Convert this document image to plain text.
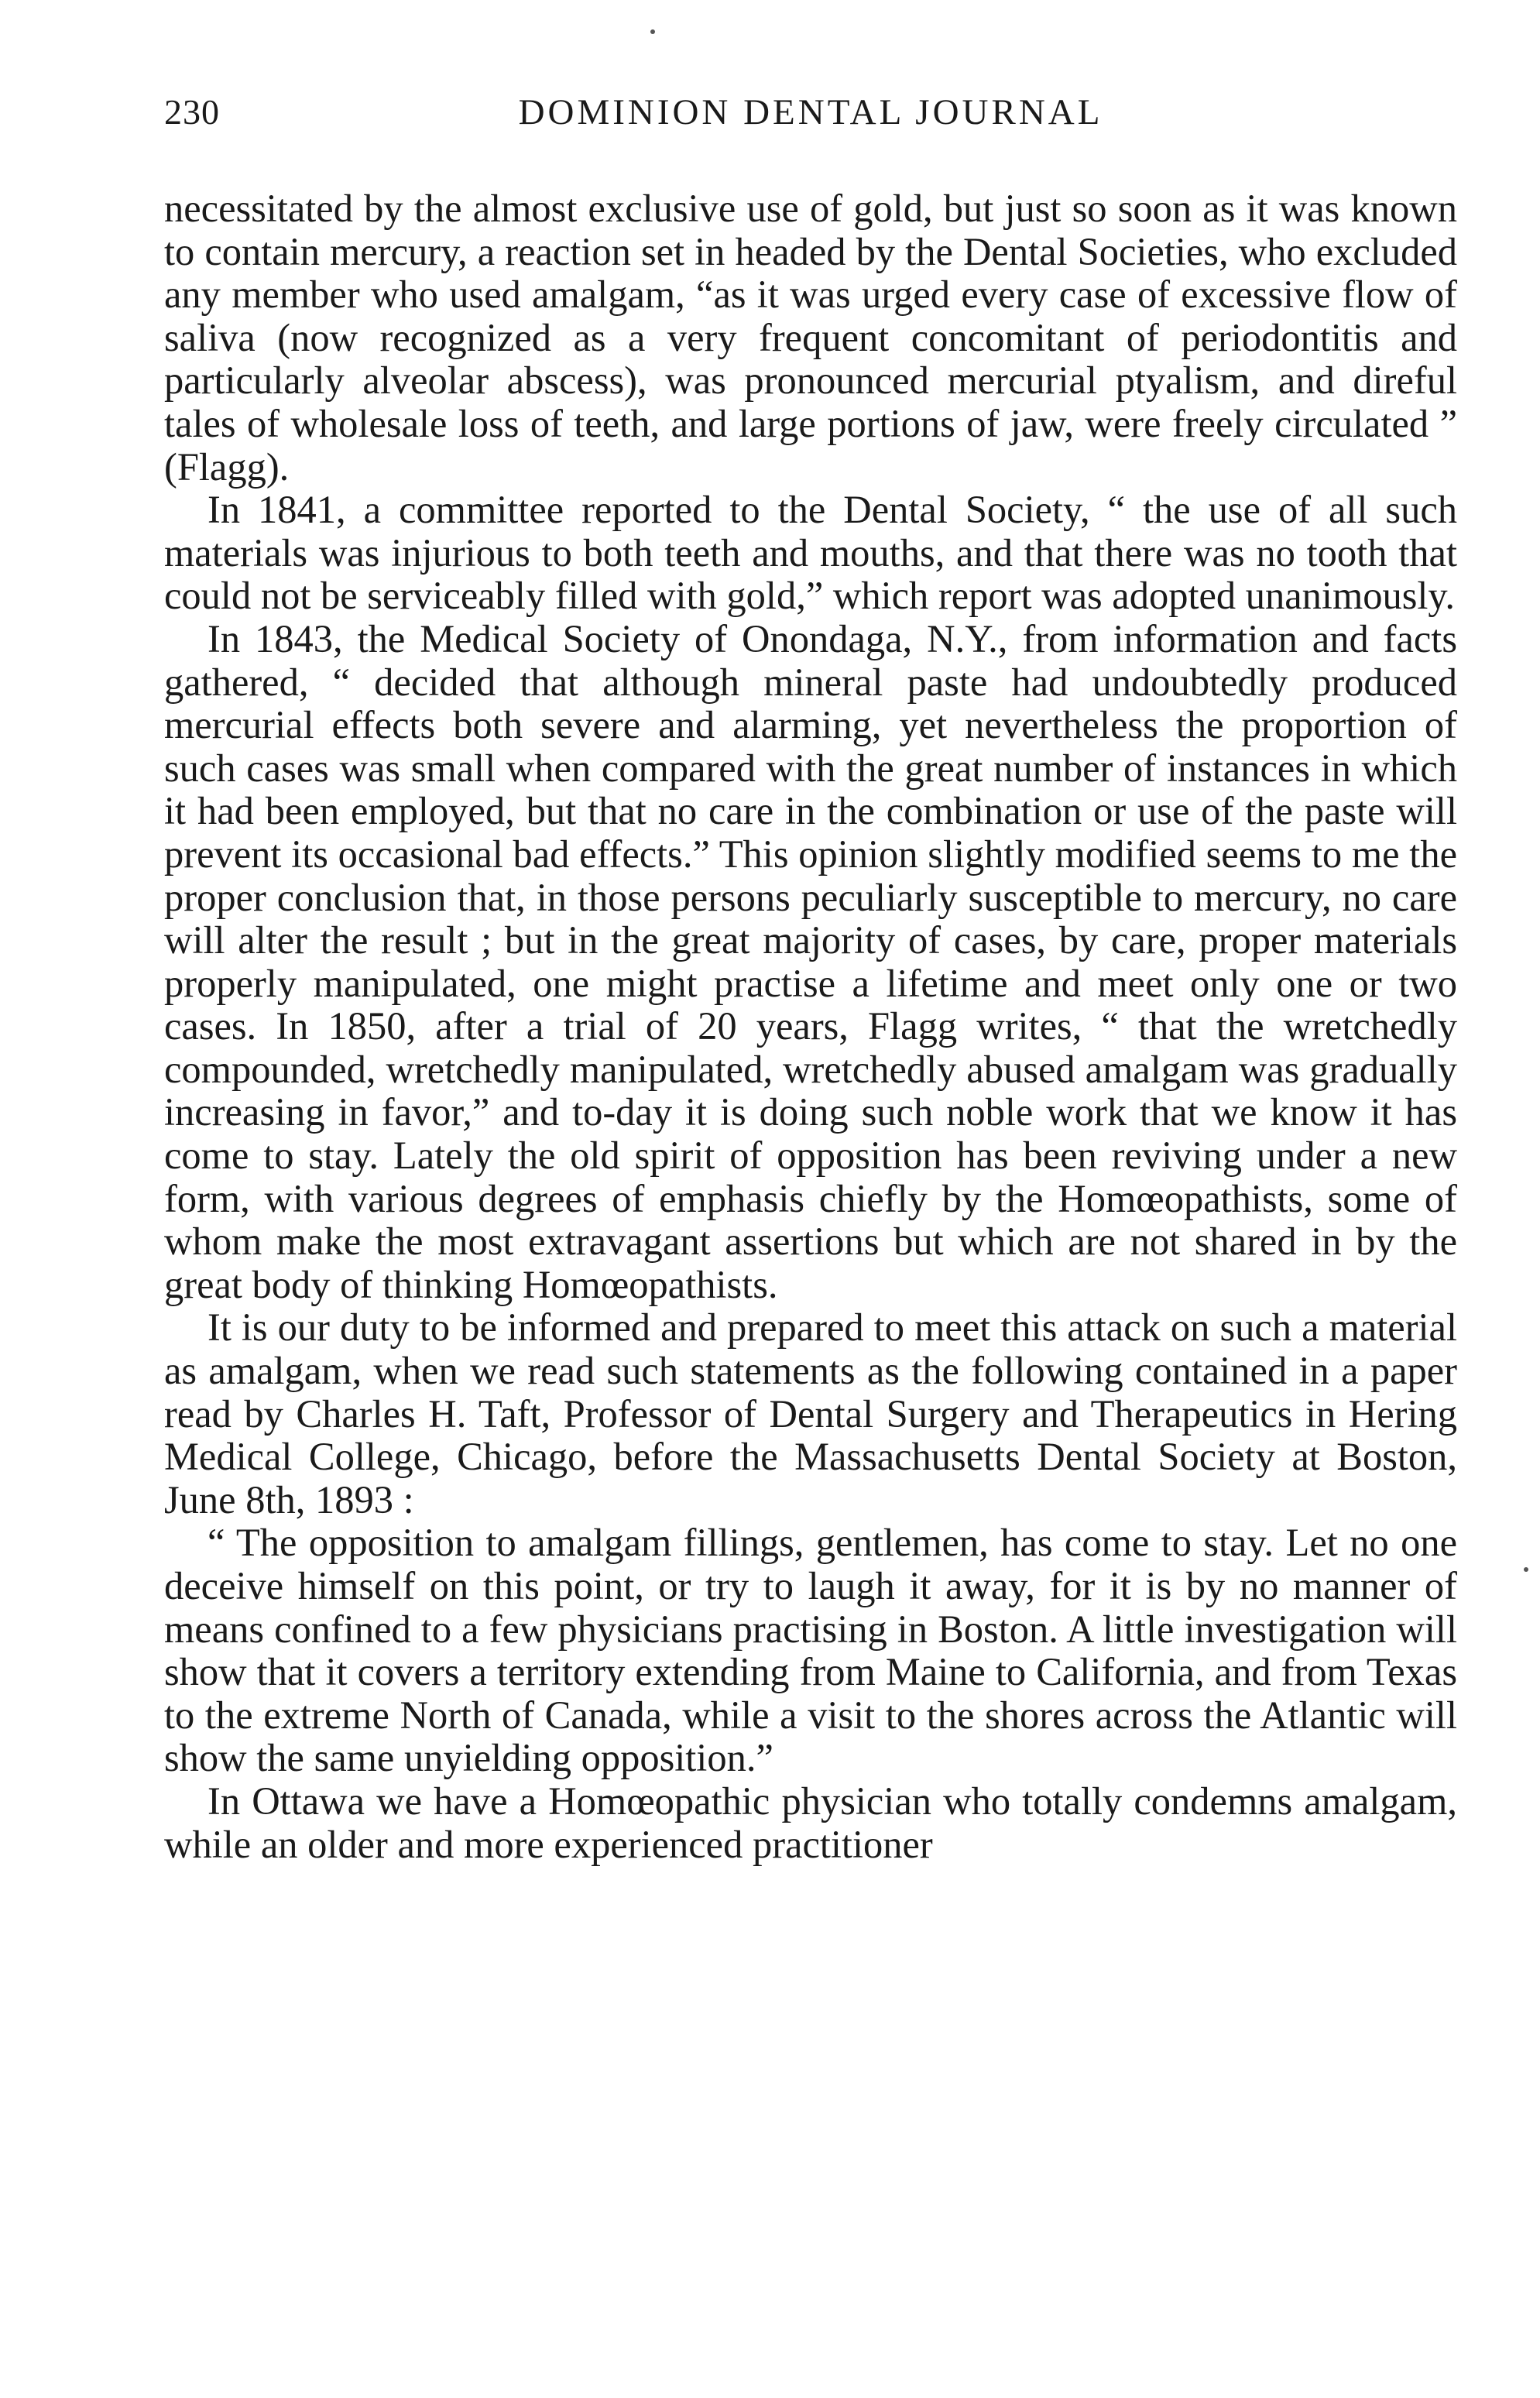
230	DOMINION DENTAL JOURNAL

necessitated by the almost exclusive use of gold, but just so soon as it was known to contain mercury, a reaction set in headed by the Dental Societies, who excluded any member who used amalgam, “as it was urged every case of excessive flow of saliva (now recognized as a very frequent concomitant of periodontitis and particularly alveolar abscess), was pronounced mercurial ptyalism, and direful tales of wholesale loss of teeth, and large portions of jaw, were freely circulated ” (Flagg).

In 1841, a committee reported to the Dental Society, “ the use of all such materials was injurious to both teeth and mouths, and that there was no tooth that could not be serviceably filled with gold,” which report was adopted unanimously.

In 1843, the Medical Society of Onondaga, N.Y., from information and facts gathered, “ decided that although mineral paste had undoubtedly produced mercurial effects both severe and alarming, yet nevertheless the proportion of such cases was small when compared with the great number of instances in which it had been employed, but that no care in the combination or use of the paste will prevent its occasional bad effects.” This opinion slightly modified seems to me the proper conclusion that, in those persons peculiarly susceptible to mercury, no care will alter the result ; but in the great majority of cases, by care, proper materials properly manipulated, one might practise a lifetime and meet only one or two cases. In 1850, after a trial of 20 years, Flagg writes, “ that the wretchedly compounded, wretchedly manipulated, wretchedly abused amalgam was gradually increasing in favor,” and to-day it is doing such noble work that we know it has come to stay. Lately the old spirit of opposition has been reviving under a new form, with various degrees of emphasis chiefly by the Homœopathists, some of whom make the most extravagant assertions but which are not shared in by the great body of thinking Homœopathists.

It is our duty to be informed and prepared to meet this attack on such a material as amalgam, when we read such statements as the following contained in a paper read by Charles H. Taft, Professor of Dental Surgery and Therapeutics in Hering Medical College, Chicago, before the Massachusetts Dental Society at Boston, June 8th, 1893 :

“ The opposition to amalgam fillings, gentlemen, has come to stay. Let no one deceive himself on this point, or try to laugh it away, for it is by no manner of means confined to a few physicians practising in Boston. A little investigation will show that it covers a territory extending from Maine to California, and from Texas to the extreme North of Canada, while a visit to the shores across the Atlantic will show the same unyielding opposition.”

In Ottawa we have a Homœopathic physician who totally condemns amalgam, while an older and more experienced practitioner
